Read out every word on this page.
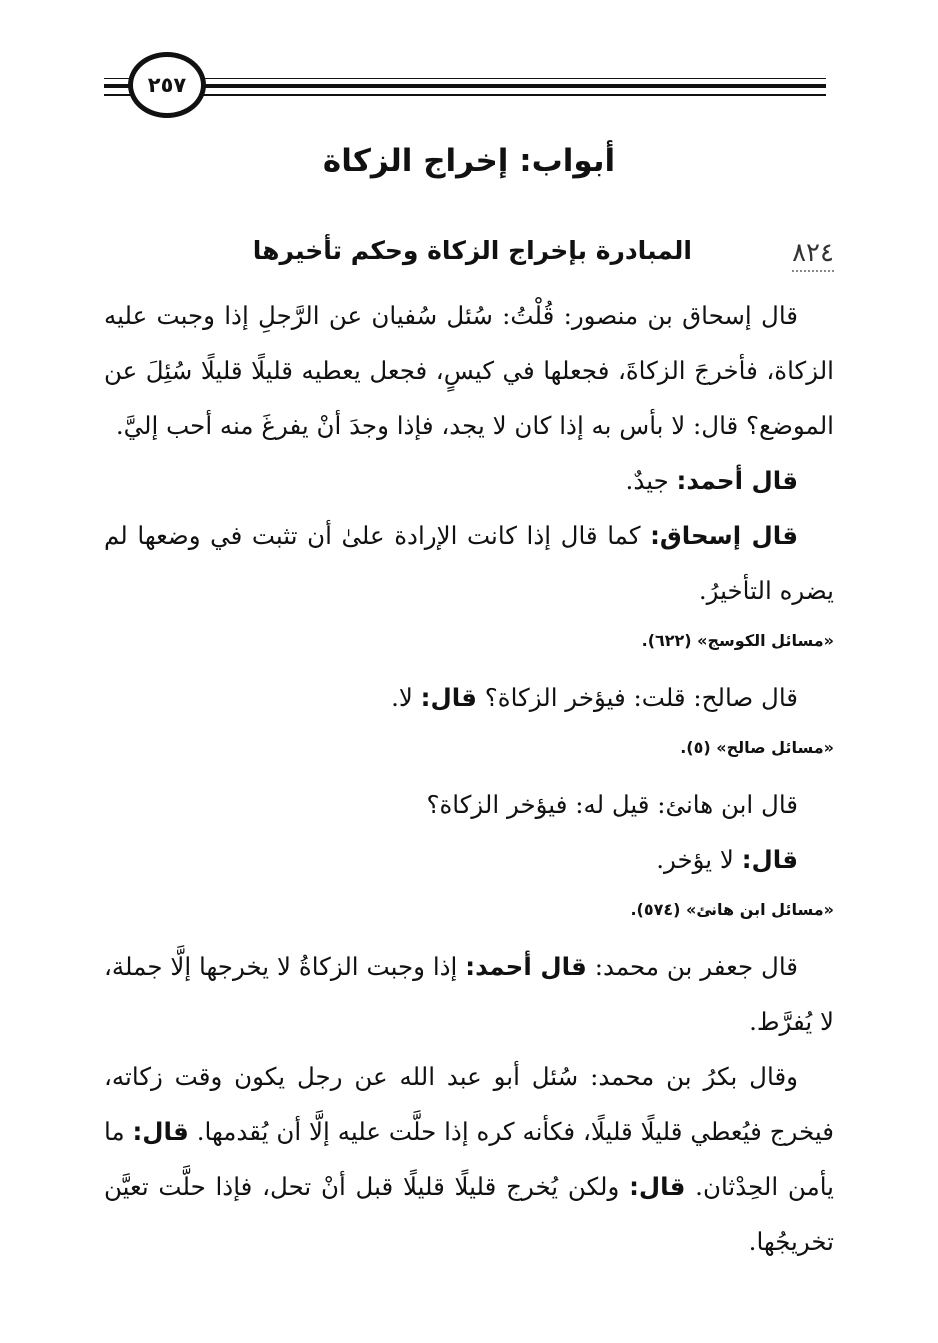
٢٥٧
أبواب: إخراج الزكاة
٨٢٤
المبادرة بإخراج الزكاة وحكم تأخيرها

قال إسحاق بن منصور: قُلْتُ: سُئل سُفيان عن الرَّجلِ إذا وجبت عليه الزكاة، فأخرجَ الزكاةَ، فجعلها في كيسٍ، فجعل يعطيه قليلًا قليلًا سُئِلَ عن الموضع؟ قال: لا بأس به إذا كان لا يجد، فإذا وجدَ أنْ يفرغَ منه أحب إليَّ.

قال أحمد: جيدٌ.

قال إسحاق: كما قال إذا كانت الإرادة علىٰ أن تثبت في وضعها لم يضره التأخيرُ.

«مسائل الكوسج» (٦٢٢).

قال صالح: قلت: فيؤخر الزكاة؟ قال: لا.

«مسائل صالح» (٥).

قال ابن هانئ: قيل له: فيؤخر الزكاة؟

قال: لا يؤخر.

«مسائل ابن هانئ» (٥٧٤).

قال جعفر بن محمد: قال أحمد: إذا وجبت الزكاةُ لا يخرجها إلَّا جملة، لا يُفرَّط.

وقال بكرُ بن محمد: سُئل أبو عبد الله عن رجل يكون وقت زكاته، فيخرج فيُعطي قليلًا قليلًا، فكأنه كره إذا حلَّت عليه إلَّا أن يُقدمها. قال: ما يأمن الحِدْثان. قال: ولكن يُخرج قليلًا قليلًا قبل أنْ تحل، فإذا حلَّت تعيَّن تخريجُها.
